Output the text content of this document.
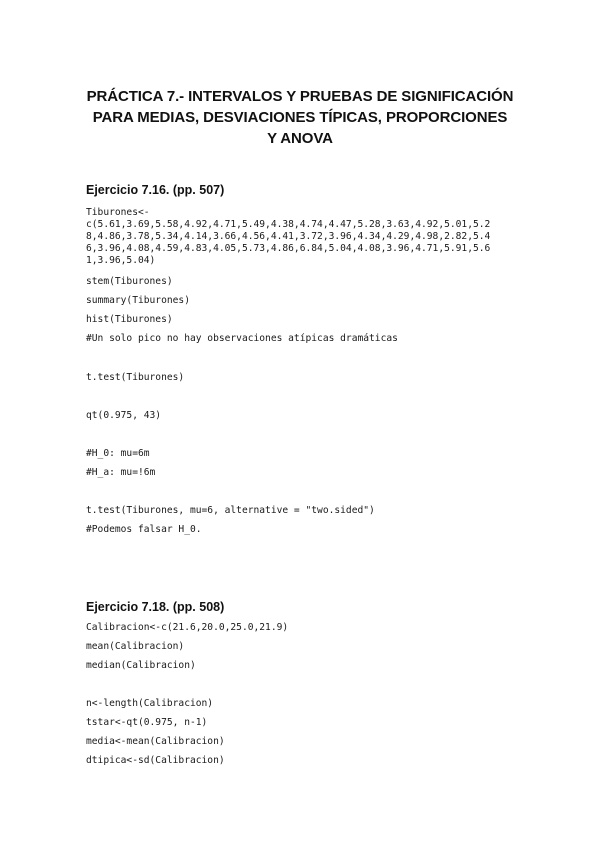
PRÁCTICA 7.- INTERVALOS Y PRUEBAS DE SIGNIFICACIÓN
PARA MEDIAS, DESVIACIONES TÍPICAS, PROPORCIONES
Y ANOVA
Ejercicio 7.16. (pp. 507)
Tiburones<-
c(5.61,3.69,5.58,4.92,4.71,5.49,4.38,4.74,4.47,5.28,3.63,4.92,5.01,5.2
8,4.86,3.78,5.34,4.14,3.66,4.56,4.41,3.72,3.96,4.34,4.29,4.98,2.82,5.4
6,3.96,4.08,4.59,4.83,4.05,5.73,4.86,6.84,5.04,4.08,3.96,4.71,5.91,5.6
1,3.96,5.04)
stem(Tiburones)
summary(Tiburones)
hist(Tiburones)
#Un solo pico no hay observaciones atípicas dramáticas
t.test(Tiburones)
qt(0.975, 43)
#H_0: mu=6m
#H_a: mu=!6m
t.test(Tiburones, mu=6, alternative = "two.sided")
#Podemos falsar H_0.
Ejercicio 7.18. (pp. 508)
Calibracion<-c(21.6,20.0,25.0,21.9)
mean(Calibracion)
median(Calibracion)
n<-length(Calibracion)
tstar<-qt(0.975, n-1)
media<-mean(Calibracion)
dtipica<-sd(Calibracion)
